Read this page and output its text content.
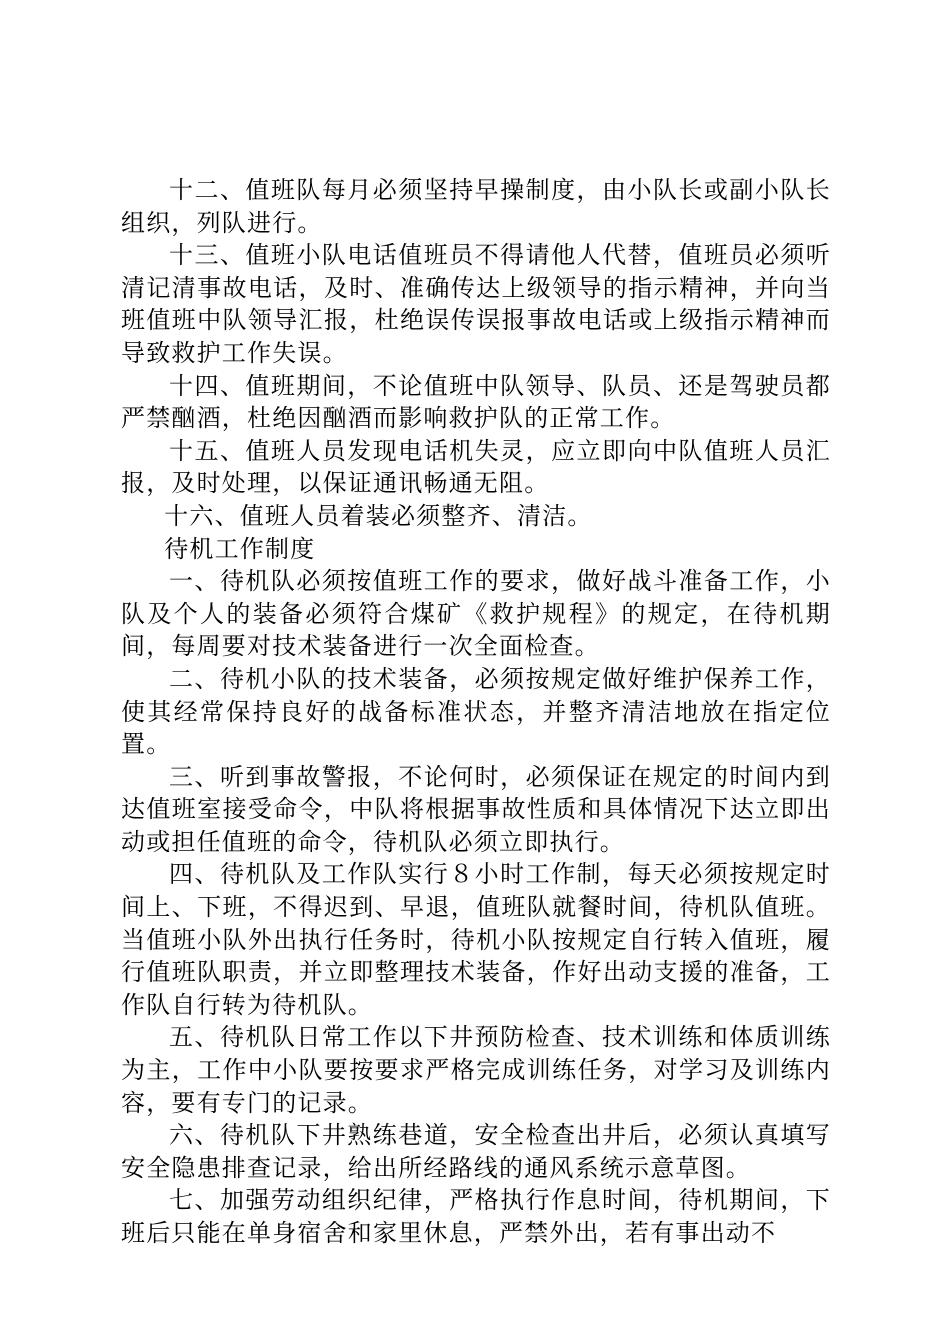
十二、值班队每月必须坚持早操制度，由小队长或副小队长组织，列队进行。

十三、值班小队电话值班员不得请他人代替，值班员必须听清记清事故电话，及时、准确传达上级领导的指示精神，并向当班值班中队领导汇报，杜绝误传误报事故电话或上级指示精神而导致救护工作失误。

十四、值班期间，不论值班中队领导、队员、还是驾驶员都严禁酗酒，杜绝因酗酒而影响救护队的正常工作。

十五、值班人员发现电话机失灵，应立即向中队值班人员汇报，及时处理，以保证通讯畅通无阻。

十六、值班人员着装必须整齐、清洁。

待机工作制度

一、待机队必须按值班工作的要求，做好战斗准备工作，小队及个人的装备必须符合煤矿《救护规程》的规定，在待机期间，每周要对技术装备进行一次全面检查。

二、待机小队的技术装备，必须按规定做好维护保养工作，使其经常保持良好的战备标准状态，并整齐清洁地放在指定位置。

三、听到事故警报，不论何时，必须保证在规定的时间内到达值班室接受命令，中队将根据事故性质和具体情况下达立即出动或担任值班的命令，待机队必须立即执行。

四、待机队及工作队实行８小时工作制，每天必须按规定时间上、下班，不得迟到、早退，值班队就餐时间，待机队值班。当值班小队外出执行任务时，待机小队按规定自行转入值班，履行值班队职责，并立即整理技术装备，作好出动支援的准备，工作队自行转为待机队。

五、待机队日常工作以下井预防检查、技术训练和体质训练为主，工作中小队要按要求严格完成训练任务，对学习及训练内容，要有专门的记录。

六、待机队下井熟练巷道，安全检查出井后，必须认真填写安全隐患排查记录，给出所经路线的通风系统示意草图。

七、加强劳动组织纪律，严格执行作息时间，待机期间，下班后只能在单身宿舍和家里休息，严禁外出，若有事出动不
